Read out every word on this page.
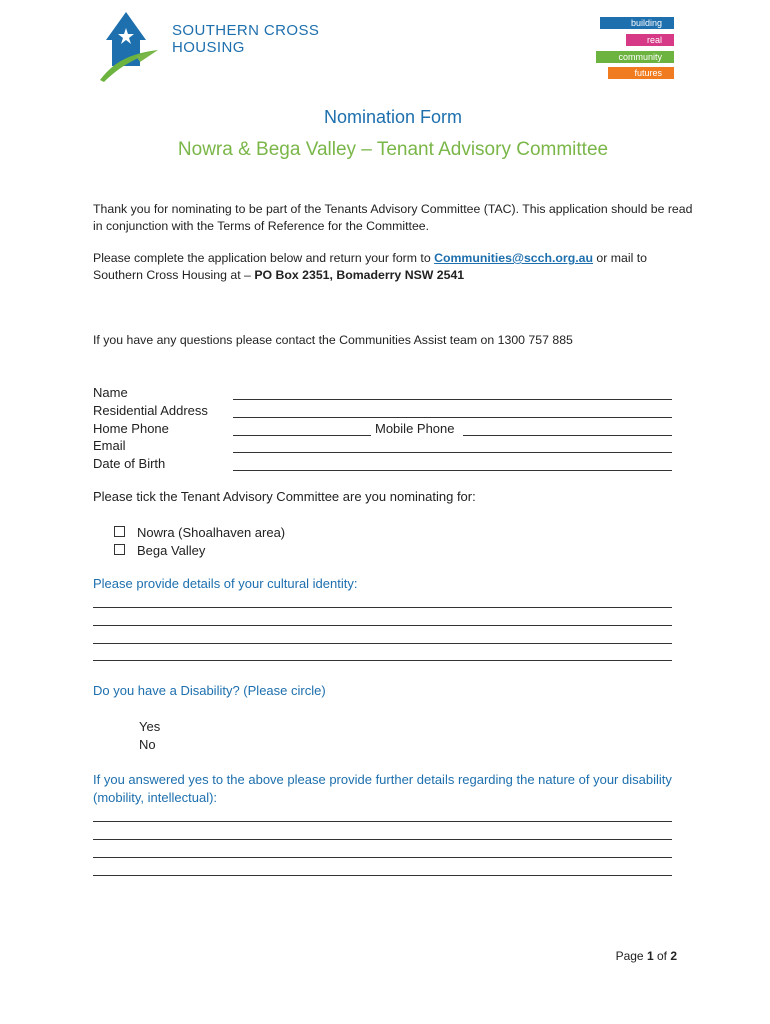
SOUTHERN CROSS
HOUSING
building
real
community
futures
Nomination Form
Nowra & Bega Valley – Tenant Advisory Committee
Thank you for nominating to be part of the Tenants Advisory Committee (TAC). This application should be read in conjunction with the Terms of Reference for the Committee.
Please complete the application below and return your form to Communities@scch.org.au or mail to Southern Cross Housing at – PO Box 2351, Bomaderry NSW 2541
If you have any questions please contact the Communities Assist team on 1300 757 885
Name
Residential Address
Home Phone	Mobile Phone
Email
Date of Birth
Please tick the Tenant Advisory Committee are you nominating for:
Nowra (Shoalhaven area)
Bega Valley
Please provide details of your cultural identity:
Do you have a Disability? (Please circle)
Yes
No
If you answered yes to the above please provide further details regarding the nature of your disability (mobility, intellectual):
Page 1 of 2
